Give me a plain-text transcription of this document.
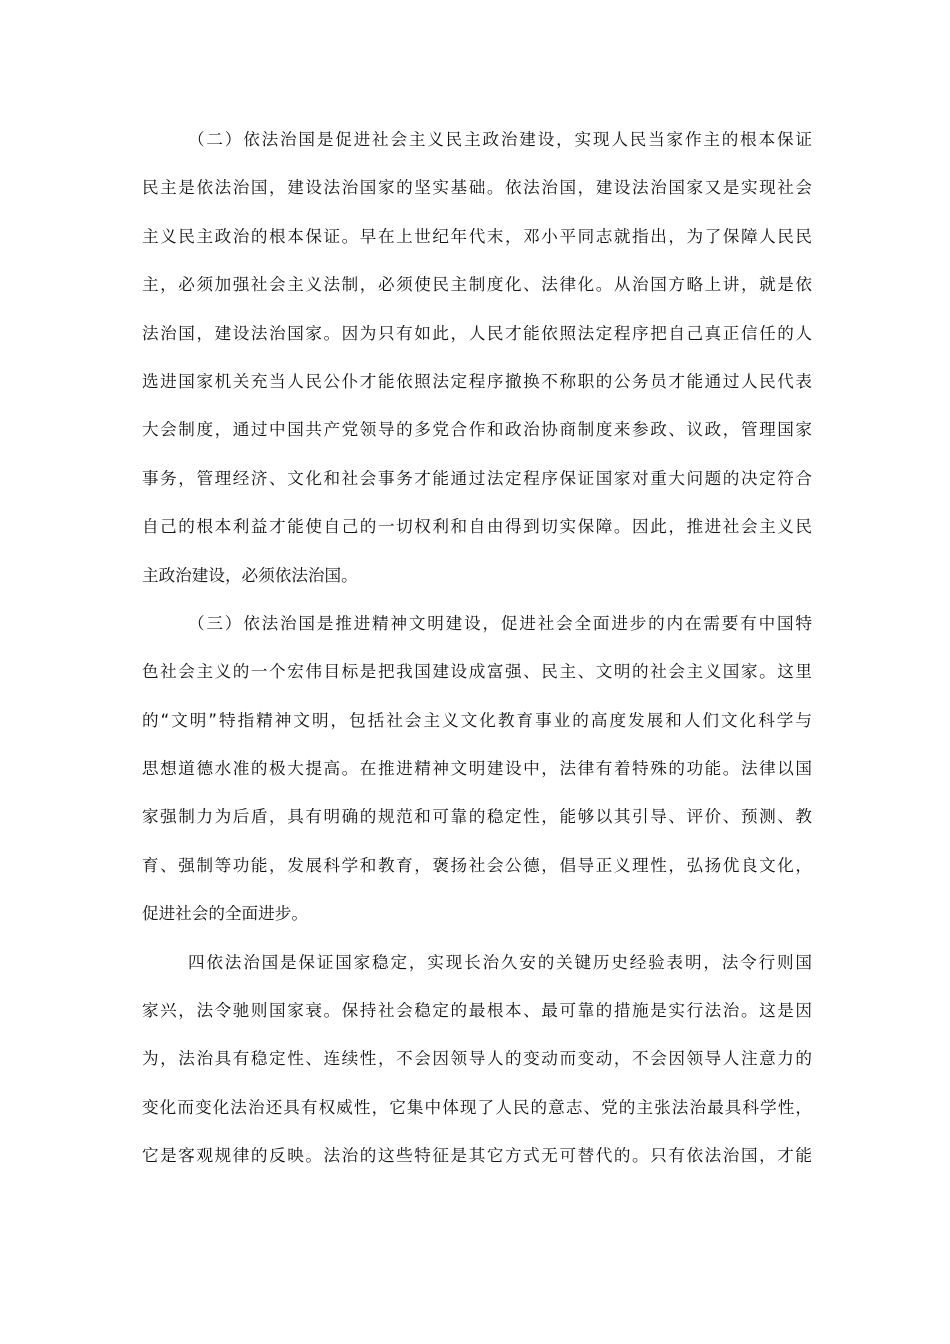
（二）依法治国是促进社会主义民主政治建设，实现人民当家作主的根本保证
民主是依法治国，建设法治国家的坚实基础。依法治国，建设法治国家又是实现社会
主义民主政治的根本保证。早在上世纪年代末，邓小平同志就指出，为了保障人民民
主，必须加强社会主义法制，必须使民主制度化、法律化。从治国方略上讲，就是依
法治国，建设法治国家。因为只有如此，人民才能依照法定程序把自己真正信任的人
选进国家机关充当人民公仆才能依照法定程序撤换不称职的公务员才能通过人民代表
大会制度，通过中国共产党领导的多党合作和政治协商制度来参政、议政，管理国家
事务，管理经济、文化和社会事务才能通过法定程序保证国家对重大问题的决定符合
自己的根本利益才能使自己的一切权利和自由得到切实保障。因此，推进社会主义民
主政治建设，必须依法治国。
（三）依法治国是推进精神文明建设，促进社会全面进步的内在需要有中国特
色社会主义的一个宏伟目标是把我国建设成富强、民主、文明的社会主义国家。这里
的“文明”特指精神文明，包括社会主义文化教育事业的高度发展和人们文化科学与
思想道德水准的极大提高。在推进精神文明建设中，法律有着特殊的功能。法律以国
家强制力为后盾，具有明确的规范和可靠的稳定性，能够以其引导、评价、预测、教
育、强制等功能，发展科学和教育，褒扬社会公德，倡导正义理性，弘扬优良文化，
促进社会的全面进步。
四依法治国是保证国家稳定，实现长治久安的关键历史经验表明，法令行则国
家兴，法令驰则国家衰。保持社会稳定的最根本、最可靠的措施是实行法治。这是因
为，法治具有稳定性、连续性，不会因领导人的变动而变动，不会因领导人注意力的
变化而变化法治还具有权威性，它集中体现了人民的意志、党的主张法治最具科学性，
它是客观规律的反映。法治的这些特征是其它方式无可替代的。只有依法治国，才能
